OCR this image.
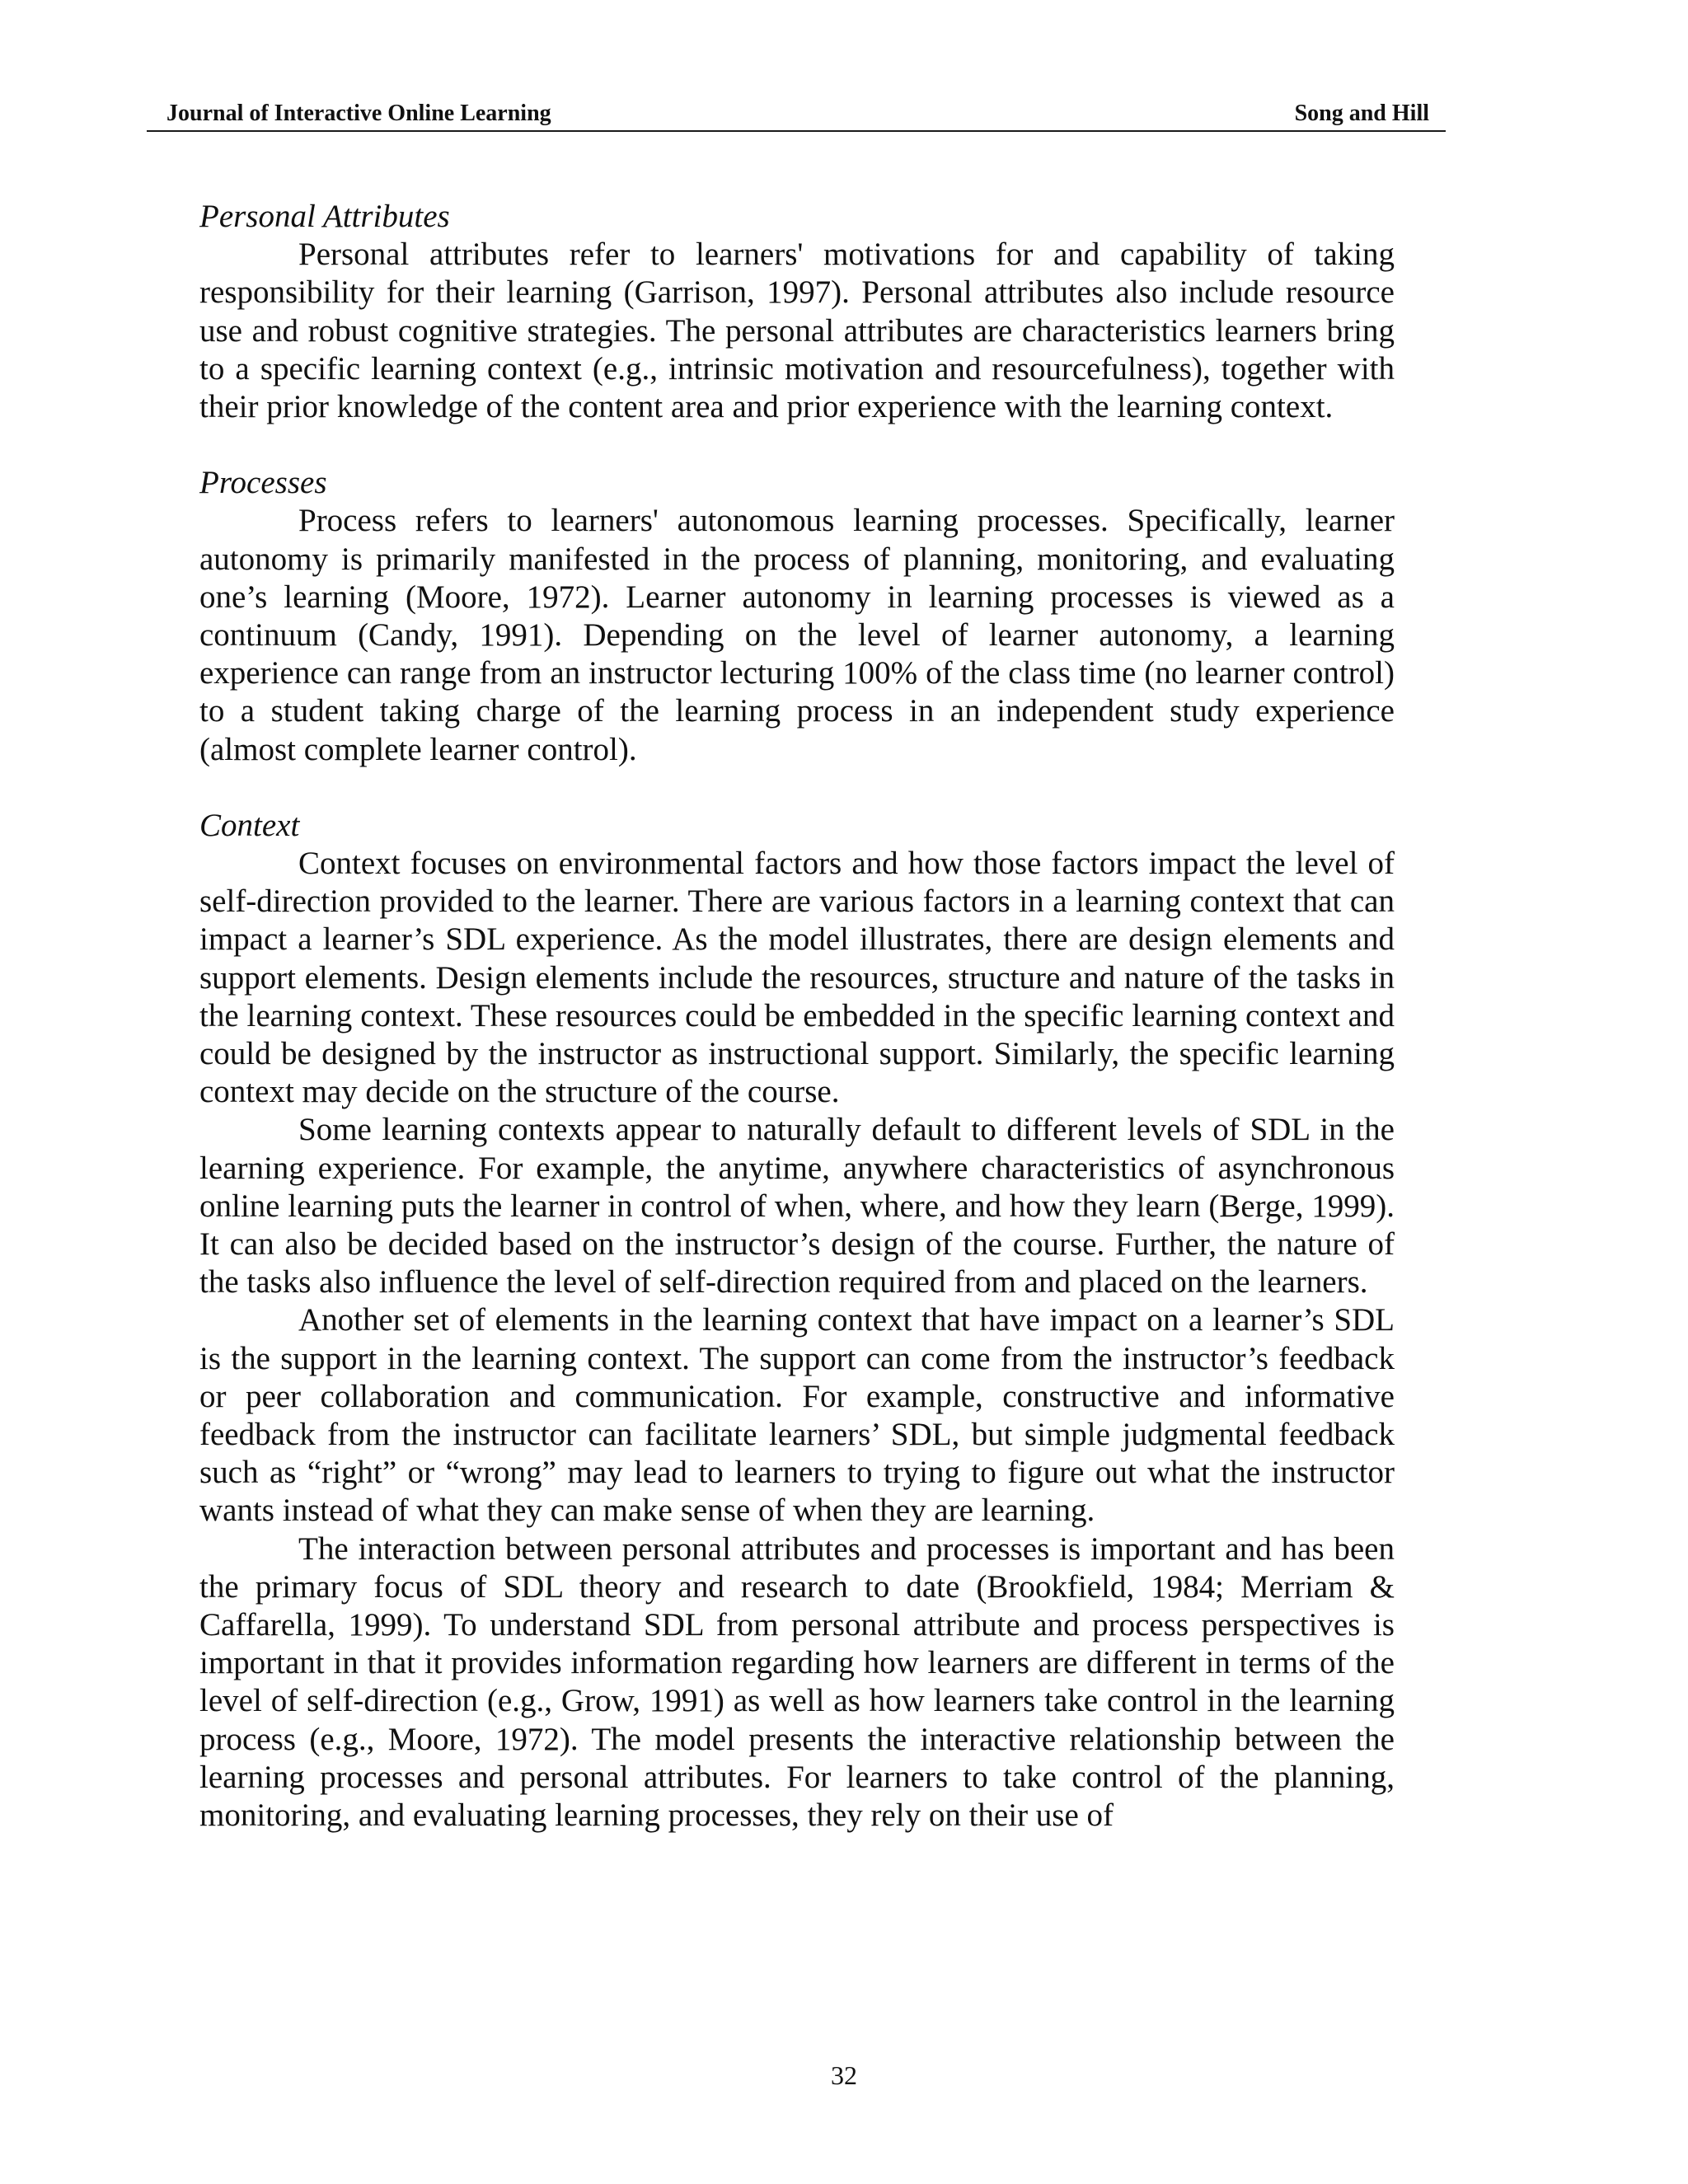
Journal of Interactive Online Learning	Song and Hill
Personal Attributes

Personal attributes refer to learners' motivations for and capability of taking responsibility for their learning (Garrison, 1997). Personal attributes also include resource use and robust cognitive strategies. The personal attributes are characteristics learners bring to a specific learning context (e.g., intrinsic motivation and resourcefulness), together with their prior knowledge of the content area and prior experience with the learning context.

Processes

Process refers to learners' autonomous learning processes. Specifically, learner autonomy is primarily manifested in the process of planning, monitoring, and evaluating one’s learning (Moore, 1972). Learner autonomy in learning processes is viewed as a continuum (Candy, 1991). Depending on the level of learner autonomy, a learning experience can range from an instructor lecturing 100% of the class time (no learner control) to a student taking charge of the learning process in an independent study experience (almost complete learner control).

Context

Context focuses on environmental factors and how those factors impact the level of self-direction provided to the learner. There are various factors in a learning context that can impact a learner’s SDL experience. As the model illustrates, there are design elements and support elements. Design elements include the resources, structure and nature of the tasks in the learning context. These resources could be embedded in the specific learning context and could be designed by the instructor as instructional support. Similarly, the specific learning context may decide on the structure of the course.

Some learning contexts appear to naturally default to different levels of SDL in the learning experience. For example, the anytime, anywhere characteristics of asynchronous online learning puts the learner in control of when, where, and how they learn (Berge, 1999). It can also be decided based on the instructor’s design of the course. Further, the nature of the tasks also influence the level of self-direction required from and placed on the learners.

Another set of elements in the learning context that have impact on a learner’s SDL is the support in the learning context. The support can come from the instructor’s feedback or peer collaboration and communication. For example, constructive and informative feedback from the instructor can facilitate learners’ SDL, but simple judgmental feedback such as “right” or “wrong” may lead to learners to trying to figure out what the instructor wants instead of what they can make sense of when they are learning.

The interaction between personal attributes and processes is important and has been the primary focus of SDL theory and research to date (Brookfield, 1984; Merriam & Caffarella, 1999). To understand SDL from personal attribute and process perspectives is important in that it provides information regarding how learners are different in terms of the level of self-direction (e.g., Grow, 1991) as well as how learners take control in the learning process (e.g., Moore, 1972). The model presents the interactive relationship between the learning processes and personal attributes. For learners to take control of the planning, monitoring, and evaluating learning processes, they rely on their use of

32
